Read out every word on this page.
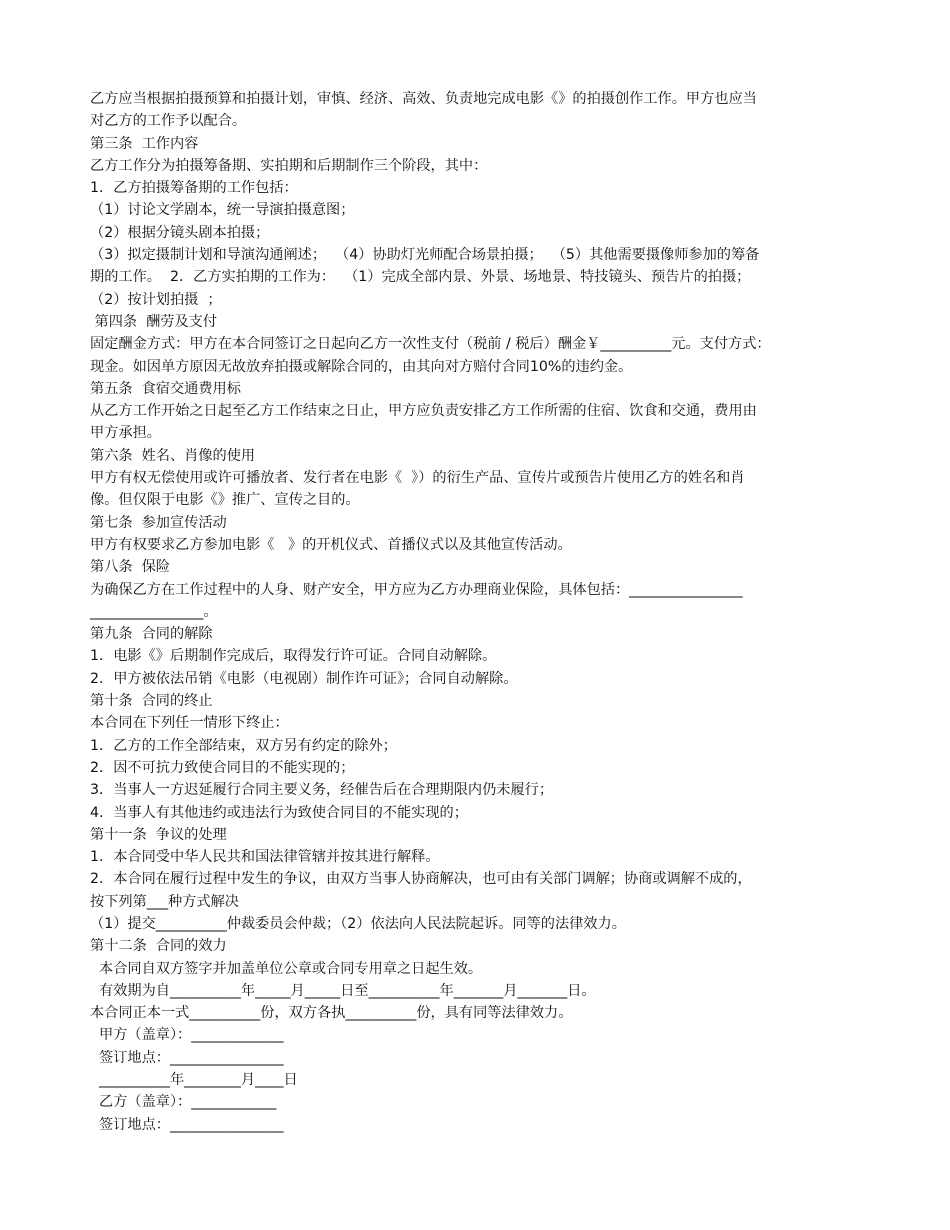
乙方应当根据拍摄预算和拍摄计划，审慎、经济、高效、负责地完成电影《》的拍摄创作工作。甲方也应当
对乙方的工作予以配合。
第三条  工作内容
乙方工作分为拍摄筹备期、实拍期和后期制作三个阶段，其中：
1．乙方拍摄筹备期的工作包括：
（1）讨论文学剧本，统一导演拍摄意图；
（2）根据分镜头剧本拍摄；
（3）拟定摄制计划和导演沟通阐述；  （4）协助灯光师配合场景拍摄；  （5）其他需要摄像师参加的筹备
期的工作。  2．乙方实拍期的工作为：  （1）完成全部内景、外景、场地景、特技镜头、预告片的拍摄；
（2）按计划拍摄  ；
第四条  酬劳及支付
固定酬金方式：甲方在本合同签订之日起向乙方一次性支付（税前 / 税后）酬金￥__________元。支付方式：
现金。如因单方原因无故放弃拍摄或解除合同的，由其向对方赔付合同10%的违约金。
第五条  食宿交通费用标
从乙方工作开始之日起至乙方工作结束之日止，甲方应负责安排乙方工作所需的住宿、饮食和交通，费用由
甲方承担。
第六条  姓名、肖像的使用
甲方有权无偿使用或许可播放者、发行者在电影《  》）的衍生产品、宣传片或预告片使用乙方的姓名和肖
像。但仅限于电影《》推广、宣传之目的。
第七条  参加宣传活动
甲方有权要求乙方参加电影《   》的开机仪式、首播仪式以及其他宣传活动。
第八条  保险
为确保乙方在工作过程中的人身、财产安全，甲方应为乙方办理商业保险，具体包括：________________
________________。
第九条  合同的解除
1．电影《》后期制作完成后，取得发行许可证。合同自动解除。
2．甲方被依法吊销《电影（电视剧）制作许可证》；合同自动解除。
第十条  合同的终止
本合同在下列任一情形下终止：
1．乙方的工作全部结束，双方另有约定的除外；
2．因不可抗力致使合同目的不能实现的；
3．当事人一方迟延履行合同主要义务，经催告后在合理期限内仍未履行；
4．当事人有其他违约或违法行为致使合同目的不能实现的；
第十一条  争议的处理
1．本合同受中华人民共和国法律管辖并按其进行解释。
2．本合同在履行过程中发生的争议，由双方当事人协商解决，也可由有关部门调解；协商或调解不成的，
按下列第___种方式解决
（1）提交__________仲裁委员会仲裁；（2）依法向人民法院起诉。同等的法律效力。
第十二条  合同的效力
本合同自双方签字并加盖单位公章或合同专用章之日起生效。
有效期为自__________年_____月_____日至__________年_______月_______日。
本合同正本一式__________份，双方各执__________份，具有同等法律效力。
甲方（盖章）：_____________
签订地点：________________
__________年________月____日
乙方（盖章）：____________
签订地点：________________
